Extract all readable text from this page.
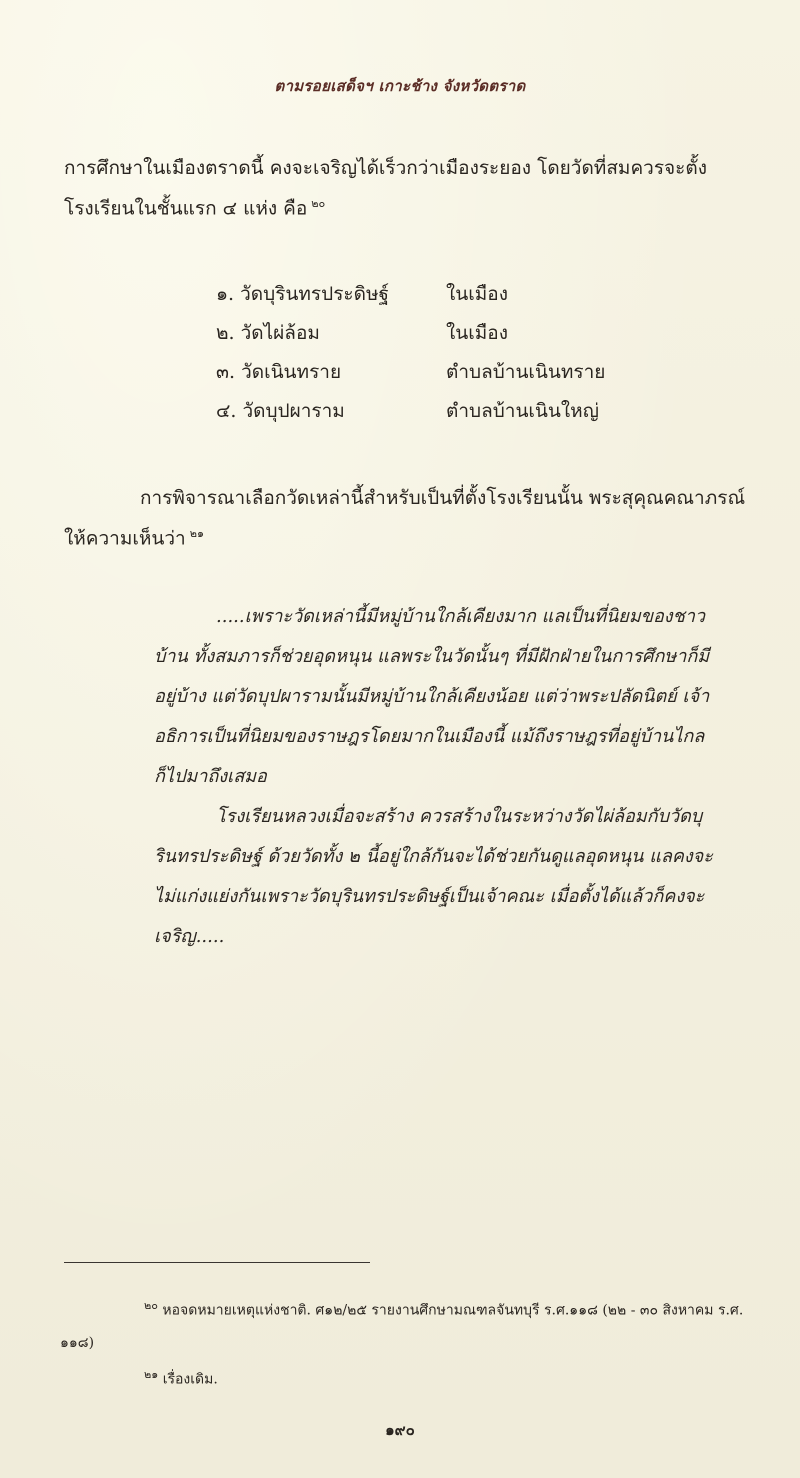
ตามรอยเสด็จฯ เกาะช้าง จังหวัดตราด
การศึกษาในเมืองตราดนี้ คงจะเจริญได้เร็วกว่าเมืองระยอง โดยวัดที่สมควรจะตั้งโรงเรียนในชั้นแรก ๔ แห่ง คือ $^{๒๐}$
๑. วัดบุรินทรประดิษฐ์	ในเมือง
๒. วัดไผ่ล้อม	ในเมือง
๓. วัดเนินทราย	ตำบลบ้านเนินทราย
๔. วัดบุปผาราม	ตำบลบ้านเนินใหญ่
การพิจารณาเลือกวัดเหล่านี้สำหรับเป็นที่ตั้งโรงเรียนนั้น พระสุคุณคณาภรณ์ ให้ความเห็นว่า $^{๒๑}$
.....เพราะวัดเหล่านี้มีหมู่บ้านใกล้เคียงมาก แลเป็นที่นิยมของชาวบ้าน ทั้งสมภารก็ช่วยอุดหนุน แลพระในวัดนั้นๆ ที่มีฝักฝ่ายในการศึกษาก็มีอยู่บ้าง แต่วัดบุปผารามนั้นมีหมู่บ้านใกล้เคียงน้อย แต่ว่าพระปลัดนิตย์ เจ้าอธิการเป็นที่นิยมของราษฎรโดยมากในเมืองนี้ แม้ถึงราษฎรที่อยู่บ้านไกลก็ไปมาถึงเสมอ
โรงเรียนหลวงเมื่อจะสร้าง ควรสร้างในระหว่างวัดไผ่ล้อมกับวัดบุรินทรประดิษฐ์ ด้วยวัดทั้ง ๒ นี้อยู่ใกล้กันจะได้ช่วยกันดูแลอุดหนุน แลคงจะไม่แก่งแย่งกันเพราะวัดบุรินทรประดิษฐ์เป็นเจ้าคณะ เมื่อตั้งได้แล้วก็คงจะเจริญ.....
$^{๒๐}$ หอจดหมายเหตุแห่งชาติ. ศ๑๒/๒๕ รายงานศึกษามณฑลจันทบุรี ร.ศ.๑๑๘ (๒๒ - ๓๐ สิงหาคม ร.ศ. ๑๑๘)
$^{๒๑}$ เรื่องเดิม.
๑๙๐
